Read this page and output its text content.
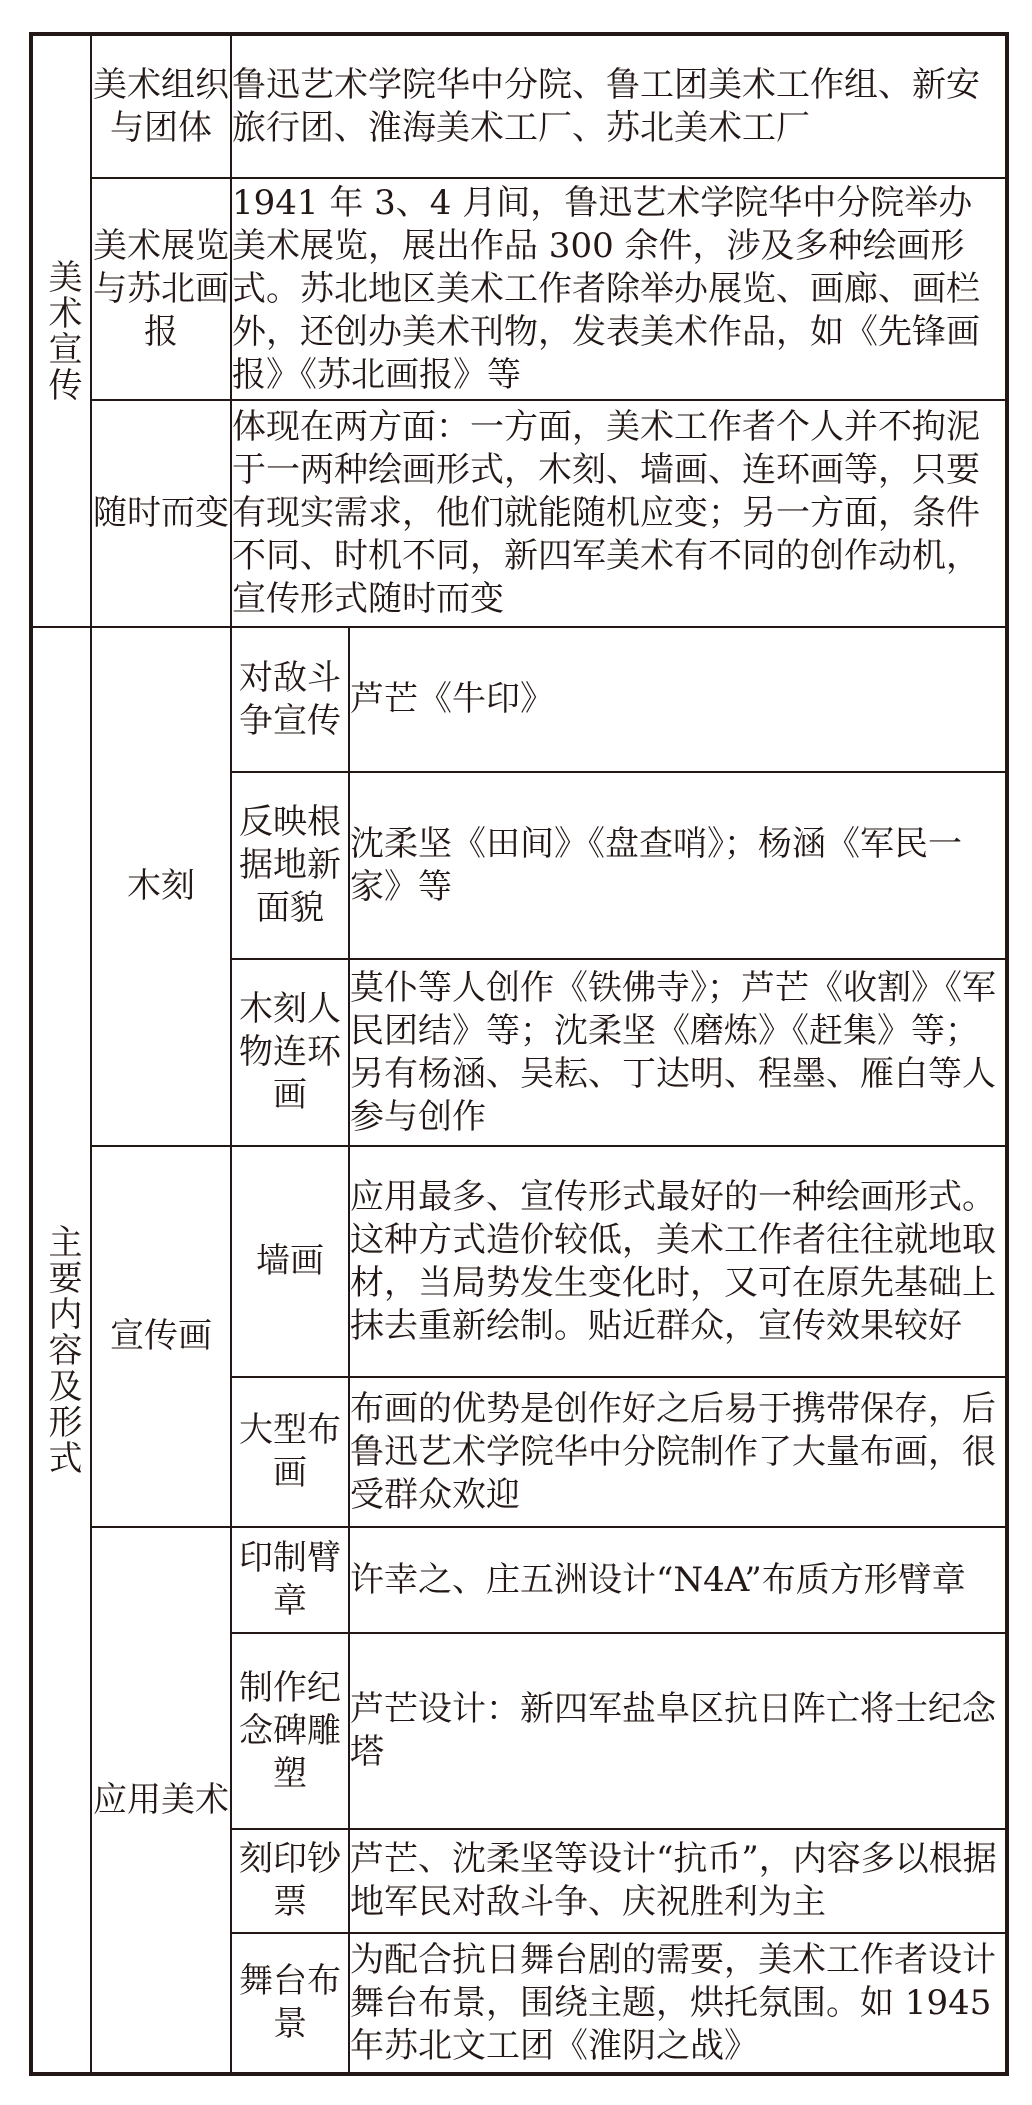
美术宣传	美术组织与团体	鲁迅艺术学院华中分院、鲁工团美术工作组、新安旅行团、淮海美术工厂、苏北美术工厂	
	美术展览与苏北画报	1941 年 3、4 月间，鲁迅艺术学院华中分院举办美术展览，展出作品 300 余件，涉及多种绘画形式。苏北地区美术工作者除举办展览、画廊、画栏外，还创办美术刊物，发表美术作品，如《先锋画报》《苏北画报》等	
	随时而变	体现在两方面：一方面，美术工作者个人并不拘泥于一两种绘画形式，木刻、墙画、连环画等，只要有现实需求，他们就能随机应变；另一方面，条件不同、时机不同，新四军美术有不同的创作动机，宣传形式随时而变	
主要内容及形式	木刻	对敌斗争宣传	芦芒《牛印》
		反映根据地新面貌	沈柔坚《田间》《盘查哨》；杨涵《军民一家》等
		木刻人物连环画	莫仆等人创作《铁佛寺》；芦芒《收割》《军民团结》等；沈柔坚《磨炼》《赶集》等；另有杨涵、吴耘、丁达明、程墨、雁白等人参与创作
	宣传画	墙画	应用最多、宣传形式最好的一种绘画形式。这种方式造价较低，美术工作者往往就地取材，当局势发生变化时，又可在原先基础上抹去重新绘制。贴近群众，宣传效果较好
		大型布画	布画的优势是创作好之后易于携带保存，后鲁迅艺术学院华中分院制作了大量布画，很受群众欢迎
	应用美术	印制臂章	许幸之、庄五洲设计“N4A”布质方形臂章
		制作纪念碑雕塑	芦芒设计：新四军盐阜区抗日阵亡将士纪念塔
		刻印钞票	芦芒、沈柔坚等设计“抗币”，内容多以根据地军民对敌斗争、庆祝胜利为主
		舞台布景	为配合抗日舞台剧的需要，美术工作者设计舞台布景，围绕主题，烘托氛围。如 1945 年苏北文工团《淮阴之战》
